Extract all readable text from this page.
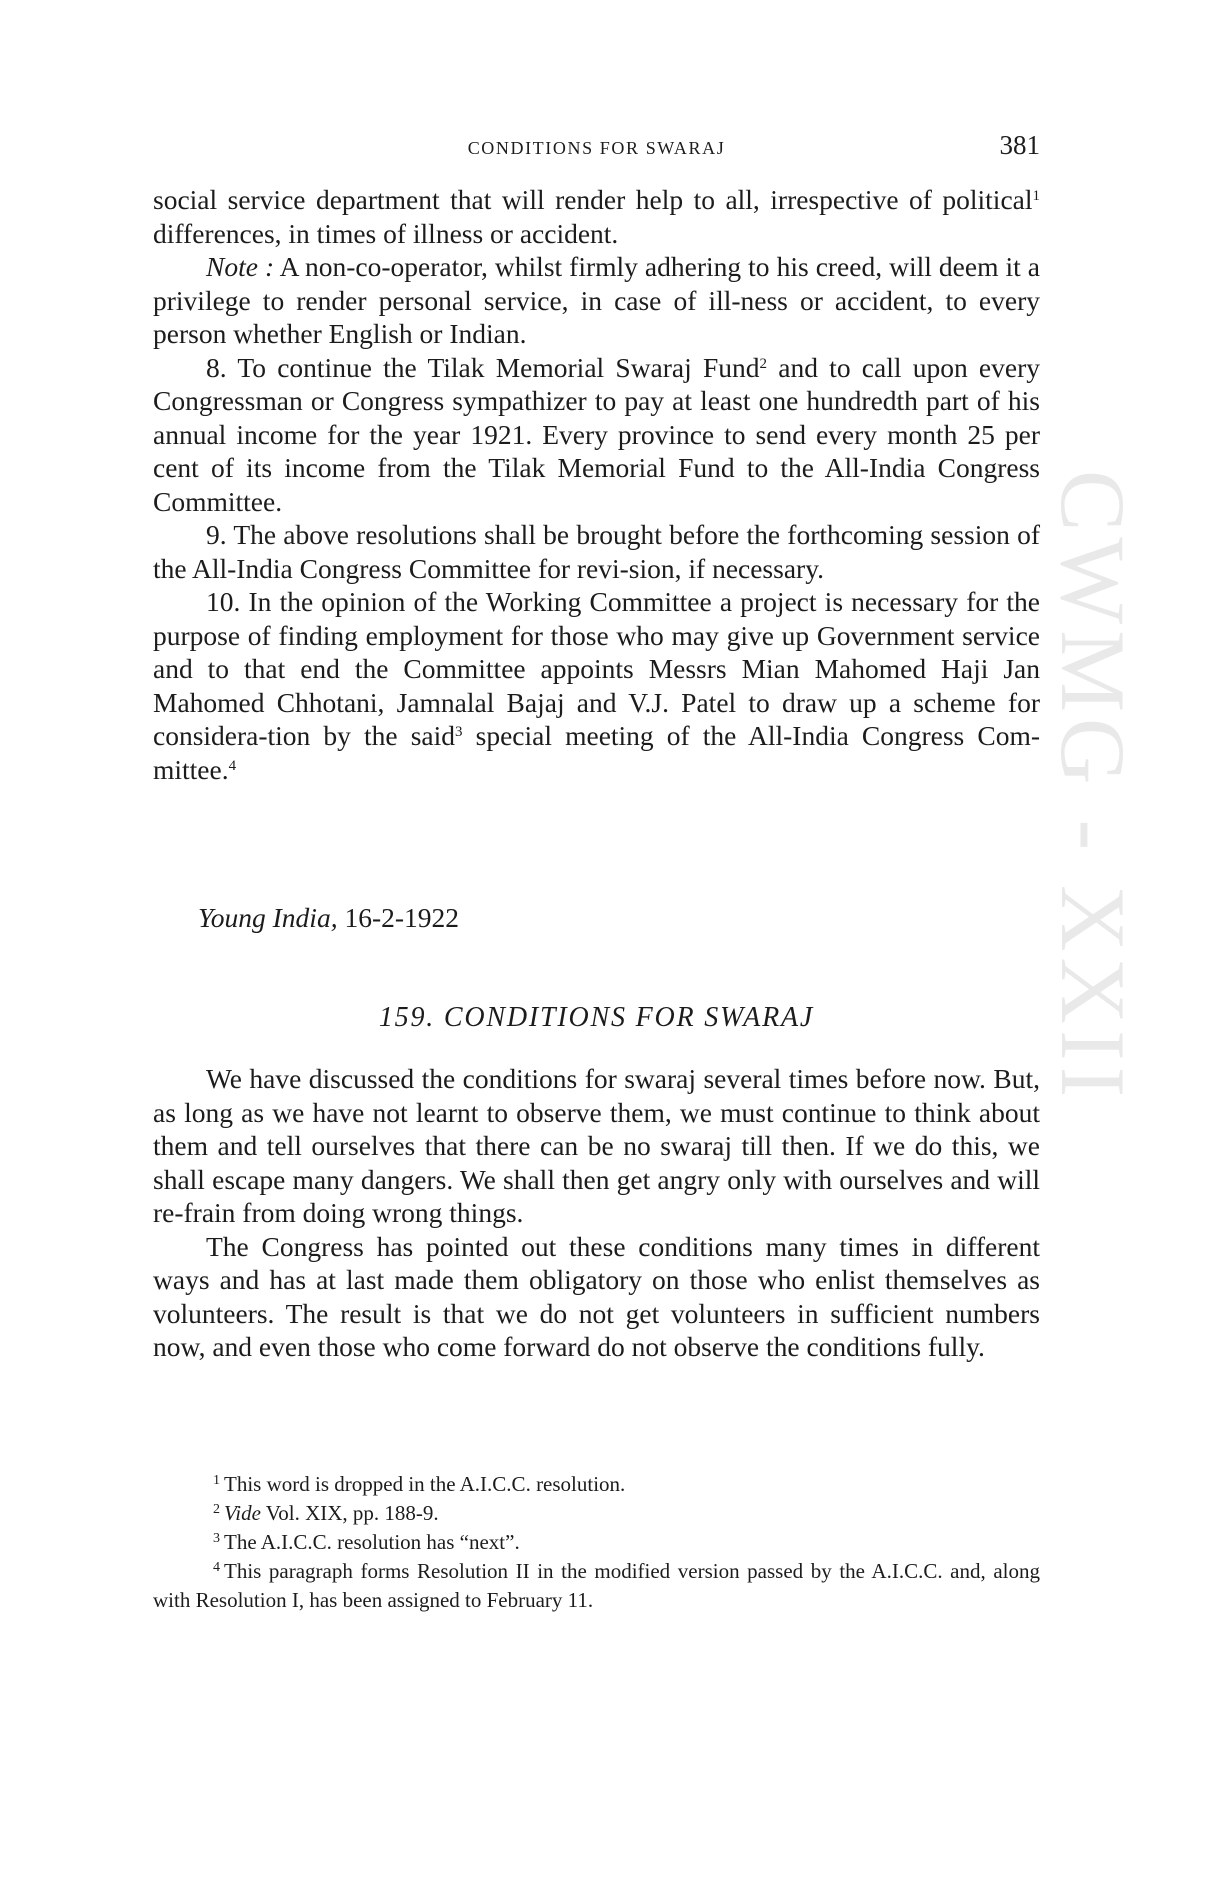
CWMG - XXII
CONDITIONS FOR SWARAJ	381

social service department that will render help to all, irrespective of political$^1$ differences, in times of illness or accident.

Note : A non-co-operator, whilst firmly adhering to his creed, will deem it a privilege to render personal service, in case of ill-ness or accident, to every person whether English or Indian.

8. To continue the Tilak Memorial Swaraj Fund$^2$ and to call upon every Congressman or Congress sympathizer to pay at least one hundredth part of his annual income for the year 1921. Every province to send every month 25 per cent of its income from the Tilak Memorial Fund to the All-India Congress Committee.

9. The above resolutions shall be brought before the forthcoming session of the All-India Congress Committee for revi-sion, if necessary.

10. In the opinion of the Working Committee a project is necessary for the purpose of finding employment for those who may give up Government service and to that end the Committee appoints Messrs Mian Mahomed Haji Jan Mahomed Chhotani, Jamnalal Bajaj and V.J. Patel to draw up a scheme for considera-tion by the said$^3$ special meeting of the All-India Congress Com-mittee.$^4$

Young India, 16-2-1922
159. CONDITIONS FOR SWARAJ

We have discussed the conditions for swaraj several times before now. But, as long as we have not learnt to observe them, we must continue to think about them and tell ourselves that there can be no swaraj till then. If we do this, we shall escape many dangers. We shall then get angry only with ourselves and will re-frain from doing wrong things.

The Congress has pointed out these conditions many times in different ways and has at last made them obligatory on those who enlist themselves as volunteers. The result is that we do not get volunteers in sufficient numbers now, and even those who come forward do not observe the conditions fully.

$^1$ This word is dropped in the A.I.C.C. resolution.

$^2$ Vide Vol. XIX, pp. 188-9.

$^3$ The A.I.C.C. resolution has “next”.

$^4$ This paragraph forms Resolution II in the modified version passed by the A.I.C.C. and, along with Resolution I, has been assigned to February 11.
